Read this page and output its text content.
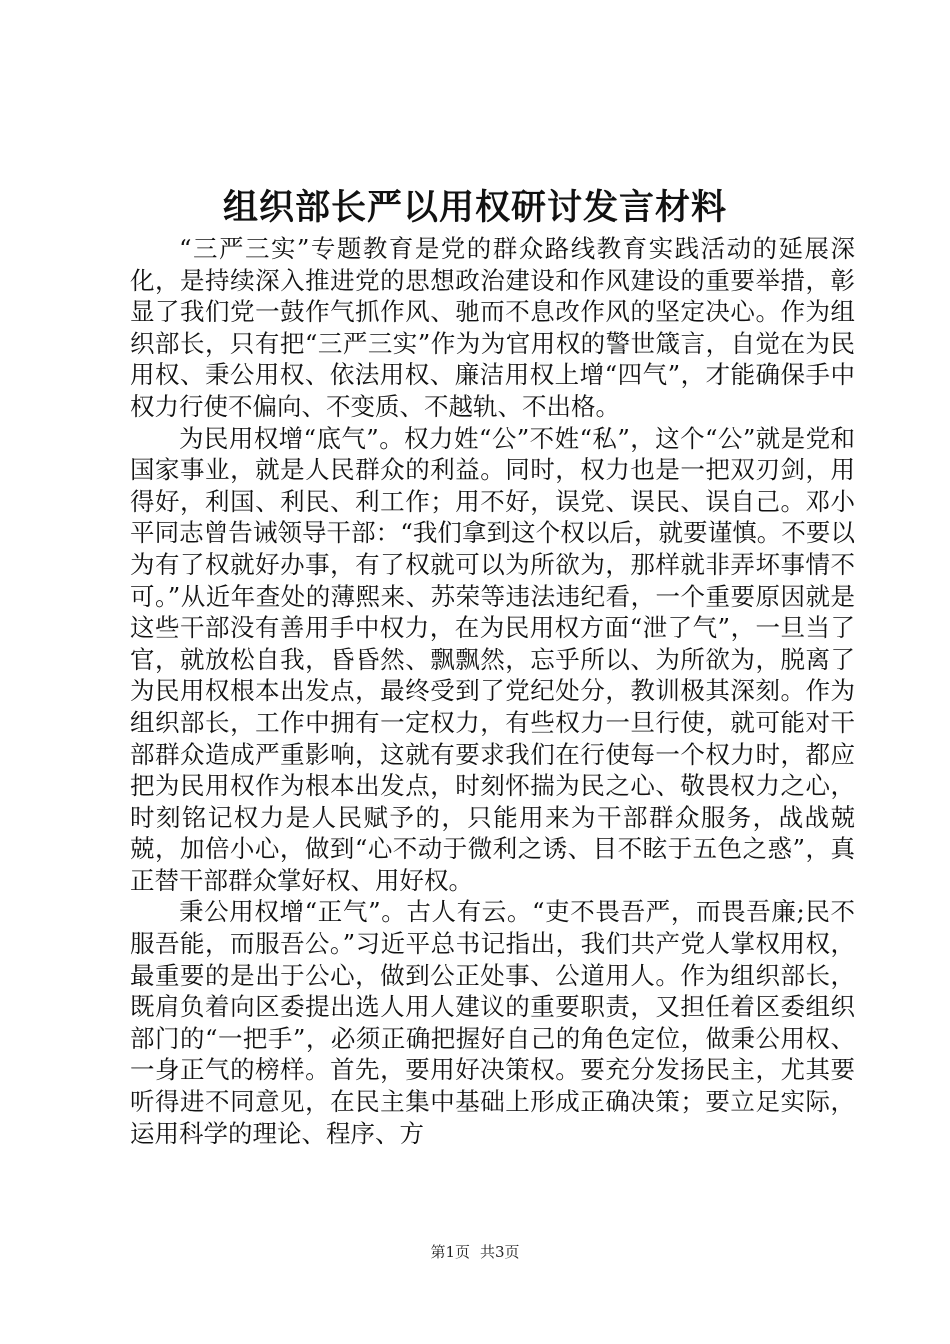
组织部长严以用权研讨发言材料

“三严三实”专题教育是党的群众路线教育实践活动的延展深化，是持续深入推进党的思想政治建设和作风建设的重要举措，彰显了我们党一鼓作气抓作风、驰而不息改作风的坚定决心。作为组织部长，只有把“三严三实”作为为官用权的警世箴言，自觉在为民用权、秉公用权、依法用权、廉洁用权上增“四气”，才能确保手中权力行使不偏向、不变质、不越轨、不出格。

为民用权增“底气”。权力姓“公”不姓“私”，这个“公”就是党和国家事业，就是人民群众的利益。同时，权力也是一把双刃剑，用得好，利国、利民、利工作；用不好，误党、误民、误自己。邓小平同志曾告诫领导干部：“我们拿到这个权以后，就要谨慎。不要以为有了权就好办事，有了权就可以为所欲为，那样就非弄坏事情不可。”从近年查处的薄熙来、苏荣等违法违纪看，一个重要原因就是这些干部没有善用手中权力，在为民用权方面“泄了气”，一旦当了官，就放松自我，昏昏然、飘飘然，忘乎所以、为所欲为，脱离了为民用权根本出发点，最终受到了党纪处分，教训极其深刻。作为组织部长，工作中拥有一定权力，有些权力一旦行使，就可能对干部群众造成严重影响，这就有要求我们在行使每一个权力时，都应把为民用权作为根本出发点，时刻怀揣为民之心、敬畏权力之心，时刻铭记权力是人民赋予的，只能用来为干部群众服务，战战兢兢，加倍小心，做到“心不动于微利之诱、目不眩于五色之惑”，真正替干部群众掌好权、用好权。

秉公用权增“正气”。古人有云。“吏不畏吾严，而畏吾廉;民不服吾能，而服吾公。”习近平总书记指出，我们共产党人掌权用权，最重要的是出于公心，做到公正处事、公道用人。作为组织部长，既肩负着向区委提出选人用人建议的重要职责，又担任着区委组织部门的“一把手”，必须正确把握好自己的角色定位，做秉公用权、一身正气的榜样。首先，要用好决策权。要充分发扬民主，尤其要听得进不同意见，在民主集中基础上形成正确决策；要立足实际，运用科学的理论、程序、方

第1页 共3页
